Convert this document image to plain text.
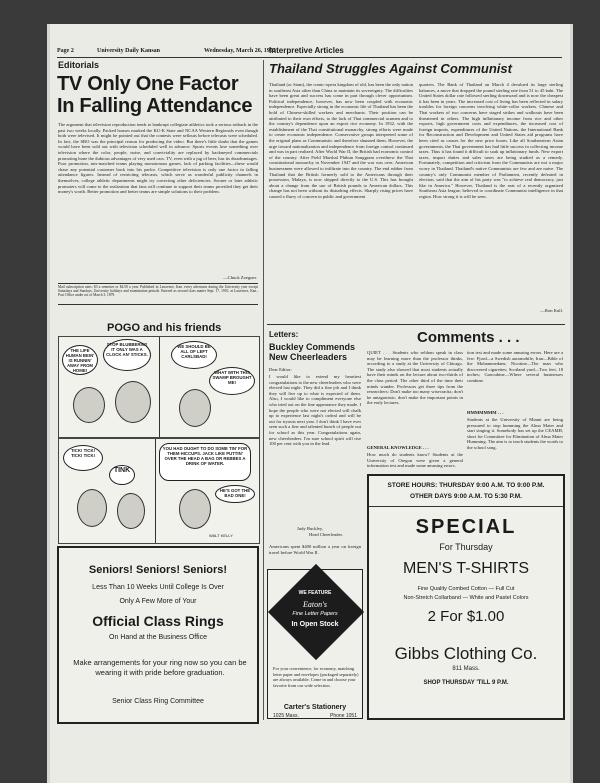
Page 2	University Daily Kansan	Wednesday, March 26, 1952
Interpretive Articles
Editorials
TV Only One Factor
In Falling Attendance
The argument that television reproduction tends to bankrupt collegiate athletics took a serious setback in the past two weeks locally. Packed houses marked the KU-K State and NCAA Western Regionals even though both were televised. It might be pointed out that the contests were sellouts before telecasts were scheduled. In fact, the SRO was the principal reason for producing the video. But there's little doubt that the games would have been sold out with television scheduled well in advance. Sports events lose something over television where the color, people, noise, and conviviality are replaced by hackneyed commercials promoting bone the dubious advantages of very used cars. TV, even with a jug of beer, has its disadvantages. Poor promotion, mis-matched teams playing monotonous games, lack of parking facilities—these would chase any potential customer back into his parlor. Competitive television is only one factor in falling attendance figures. Instead of restricting telecasts, which serve as wonderful publicity channels in themselves, college athletic departments might try correcting other deficiencies. Sooner or later athletic promoters will come to the realization that fans will continue to support their teams provided they get their money's worth. Better promotion and better teams are simple solutions to their problem.
—Chuck Zoeguer.
Mail subscription rates: $3 a semester or $4.50 a year. Published in Lawrence, Kan. every afternoon during the University year except Saturdays and Sundays, University holidays and examination periods. Entered as second class matter Sept. 17, 1910, at Lawrence, Kan., Post Office under act of March 3, 1879.
POGO and his friends
THE LIFE HUMAN BEIN' IS RUNNIN' AWAY FROM HOME!
STOP BLUBBERIN'! IT ONLY WAS A CLOCK AN' STICKS.
WE SHOULD BE ALL OF LEFT CARLSBAD!
WHAT WITH THIS SWAMP BROUGHT ME!
TICK! TICK! TICK! TICK!
TINK
YOU HAD OUGHT TO DO SOME TIN' FOR THEM HICCUPS. JACK LIKE PUTTIN' OVER THE HEAD A BAG OR REBBES A DRINK OF WATER.
HE'S GOT THE BAD ONE!
WALT KELLY
Seniors! Seniors! Seniors!
Less Than 10 Weeks Until College Is Over
Only A Few More of Your
Official Class Rings
On Hand at the Business Office
Make arrangements for your ring now so you can be wearing it with pride before graduation.
Senior Class Ring Committee
Thailand Struggles Against Communist
Thailand (or Siam), the comic-opera kingdom of old, has been the only nation in southeast Asia other than China to maintain its sovereignty. The difficulties have been great and success has come in part through clever opportunism. Political independence, however, has now been coupled with economic independence. Especially strong in the economic life of Thailand has been the hold of Chinese-skilled workers and merchants. Their position can be attributed to their own efforts, to the lack of Thai commercial acumen and to the country's dependence upon an export rice economy. In 1932, with the establishment of the Thai constitutional monarchy, strong efforts were made to create economic independence. Conservative groups interpreted some of the original plans as Communistic and therefore shunned them. However, the urge toward nationalization and independence from foreign control continued and was in part realized. After World War II, the British had economic control of the country. After Field Marshal Phibun Songgram overthrew the Thai constitutional monarchy in November 1947 and the war was over, American businessmen were allowed to infiltrate into the country. The end rubber from Thailand that the British formerly sold to the Americans through their possession, Malaya, is now shipped directly to the U.S. This has brought about a change from the use of British pounds to American dollars. This change has not been without its disturbing effects. Sharply rising prices have caused a flurry of concern in public and government
quarters. The Bank of Thailand on March 4 devalued its large sterling balances, a move that dropped the pound sterling rate from 51 to 45 baht. The United States dollar rate followed sterling downward and is now the cheapest it has been in years. The increased cost of living has been reflected in salary troubles for foreign concerns involving white-collar workers. Chinese and Thai workers of two concerns have staged strikes and walkouts have been threatened in others. The high inflationary income from rice and other exports, high government costs and expenditures, the increased cost of foreign imports, expenditures of the United Nations, the International Bank for Reconstruction and Development and United States aid programs have been cited as causes for the new price boom. Like all Southeastern Asian governments, the Thai government has had little success in collecting income taxes. Thus it has found it difficult to soak up inflationary funds. New export taxes, import duties and sales taxes are being studied as a remedy. Fortunately, competition and criticism from the Communists are not a major worry in Thailand. Thailand's native Communists are few and are naive. The country's only Communist member of Parliament, recently defeated in election, said that the aim of his party was "to achieve real democracy, just like in America." However, Thailand is the seat of a recently organized Southeast Asia league, believed to coordinate Communist intelligence in that region. How strong it is will be seen.
—Ron Kull.
Letters:
Buckley Commends New Cheerleaders
Dear Editor:
I would like to extend my heartiest congratulations to the new cheerleaders who were elected last night. They did a fine job and I think they will live up to what is expected of them. Also, I would like to compliment everyone else who tried out on the fine appearance they made. I hope the people who were not elected will chalk up to experience last night's ordeal and will be out for tryouts next year. I don't think I have ever seen such a fine and talented bunch of people out for school as this year. Congratulations again, new cheerleaders. I'm sure school spirit will rise 100 per cent with you in the lead.
Judy Buckley,
Head Cheerleader.
Americans spent $400 million a year on foreign travel before World War II.
Comments . . .
QUIET . . . Students who seldom speak in class may be learning more than the professor thinks, according to a study at the University of Chicago. The study also showed that most students actually have their minds on the lecture about two-thirds of the class period. The other third of the time their minds wander. Professors get three tips from the researchers: Don't make too many wisecracks; don't be antagonistic; don't make the important points in the early lectures.
GENERAL KNOWLEDGE . . .
How much do students know? Students at the University of Oregon were given a general information test and made some amusing errors.
tion test and made some amusing errors. Here are a few: Fjord—a Swedish automobile; Iran—Bible of the Mohammedans; Nicotine—The man who discovered cigarettes; Scotland yard—Two feet, 18 inches; Goncubine—Where several businesses combine.
HMMMMMM . . .
Students at the University of Miami are being pressured to stop humming the Alma Mater and start singing it. Somebody has set up the CEAMH, short for Committee for Elimination of Alma Mater Humming. The aim is to teach students the words to the school song.
WE FEATURE
Eaton's
Fine Letter Papers
In Open Stock
For your convenience, for economy, matching letter paper and envelopes (packaged separately) are always available. Come in and choose your favorite from our wide selection.
Carter's Stationery
1025 Mass.	Phone 1051
STORE HOURS: THURSDAY 9:00 A.M. TO 9:00 P.M.
OTHER DAYS 9:00 A.M. TO 5:30 P.M.
SPECIAL
For Thursday
MEN'S T-SHIRTS
Fine Quality Combed Cotton — Full Cut
Non-Stretch Collarband — White and Pastel Colors
2 For $1.00
Gibbs Clothing Co.
811 Mass.
SHOP THURSDAY 'TILL 9 P.M.
